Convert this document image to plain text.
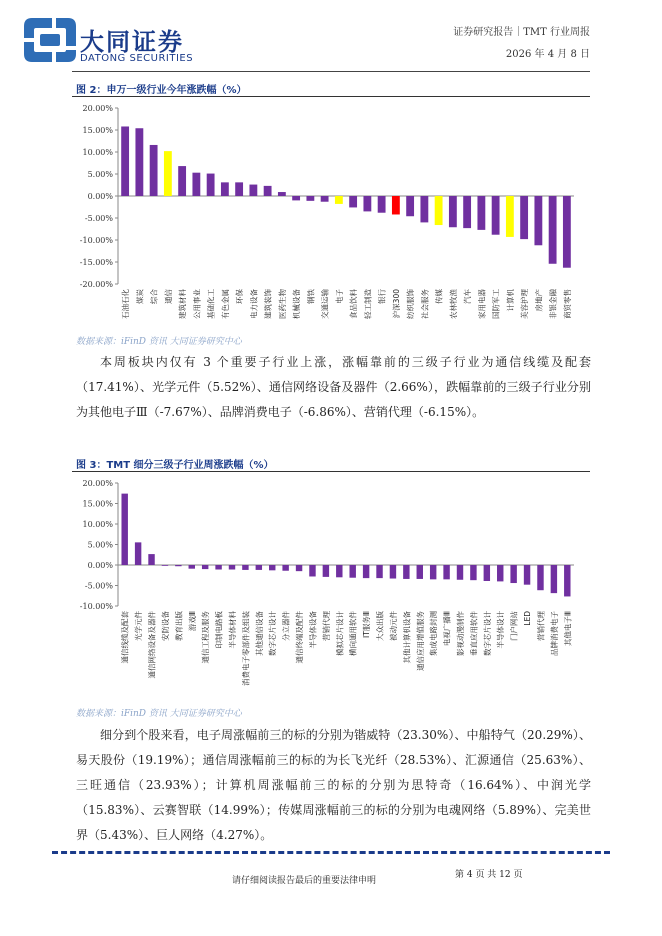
大同证券
DATONG SECURITIES
证券研究报告｜TMT 行业周报
2026 年 4 月 8 日
图 2：申万一级行业今年涨跌幅（%）
20.00%
15.00%
10.00%
5.00%
0.00%
-5.00%
-10.00%
-15.00%
-20.00%
石油石化 煤炭 综合 通信 建筑材料 公用事业 基础化工 有色金属 环保 电力设备 建筑装饰 医药生物 机械设备 钢铁 交通运输 电子 食品饮料 轻工制造 银行 沪深300 纺织服饰 社会服务 传媒 农林牧渔 汽车 家用电器 国防军工 计算机 美容护理 房地产 非银金融 商贸零售
数据来源：iFinD 资讯 大同证券研究中心

本周板块内仅有 3 个重要子行业上涨，涨幅靠前的三级子行业为通信线缆及配套（17.41%）、光学元件（5.52%）、通信网络设备及器件（2.66%），跌幅靠前的三级子行业分别为其他电子Ⅲ（-7.67%）、品牌消费电子（-6.86%）、营销代理（-6.15%）。

图 3：TMT 细分三级子行业周涨跌幅（%）
20.00%
15.00%
10.00%
5.00%
0.00%
-5.00%
-10.00%
通信线缆及配套 光学元件 通信网络设备及器件 安防设备 教育出版 游戏Ⅲ 通信工程及服务 印制电路板 半导体材料 消费电子零部件及组装 其他通信设备 数字芯片设计 分立器件 通信终端及配件 半导体设备 营销代理 模拟芯片设计 横向通用软件 IT服务Ⅲ 大众出版 被动元件 其他计算机设备 通信应用增值服务 集成电路封测 电视广播Ⅲ 影视动漫制作 垂直应用软件 数字芯片设计 半导体设计 门户网站 LED 营销代理 品牌消费电子 其他电子Ⅲ
数据来源：iFinD 资讯 大同证券研究中心

细分到个股来看，电子周涨幅前三的标的分别为锴威特（23.30%）、中船特气（20.29%）、易天股份（19.19%）；通信周涨幅前三的标的为长飞光纤（28.53%）、汇源通信（25.63%）、三旺通信（23.93%）；计算机周涨幅前三的标的分别为思特奇（16.64%）、中润光学（15.83%）、云赛智联（14.99%）；传媒周涨幅前三的标的分别为电魂网络（5.89%）、完美世界（5.43%）、巨人网络（4.27%）。

请仔细阅读报告最后的重要法律申明
第 4 页 共 12 页
